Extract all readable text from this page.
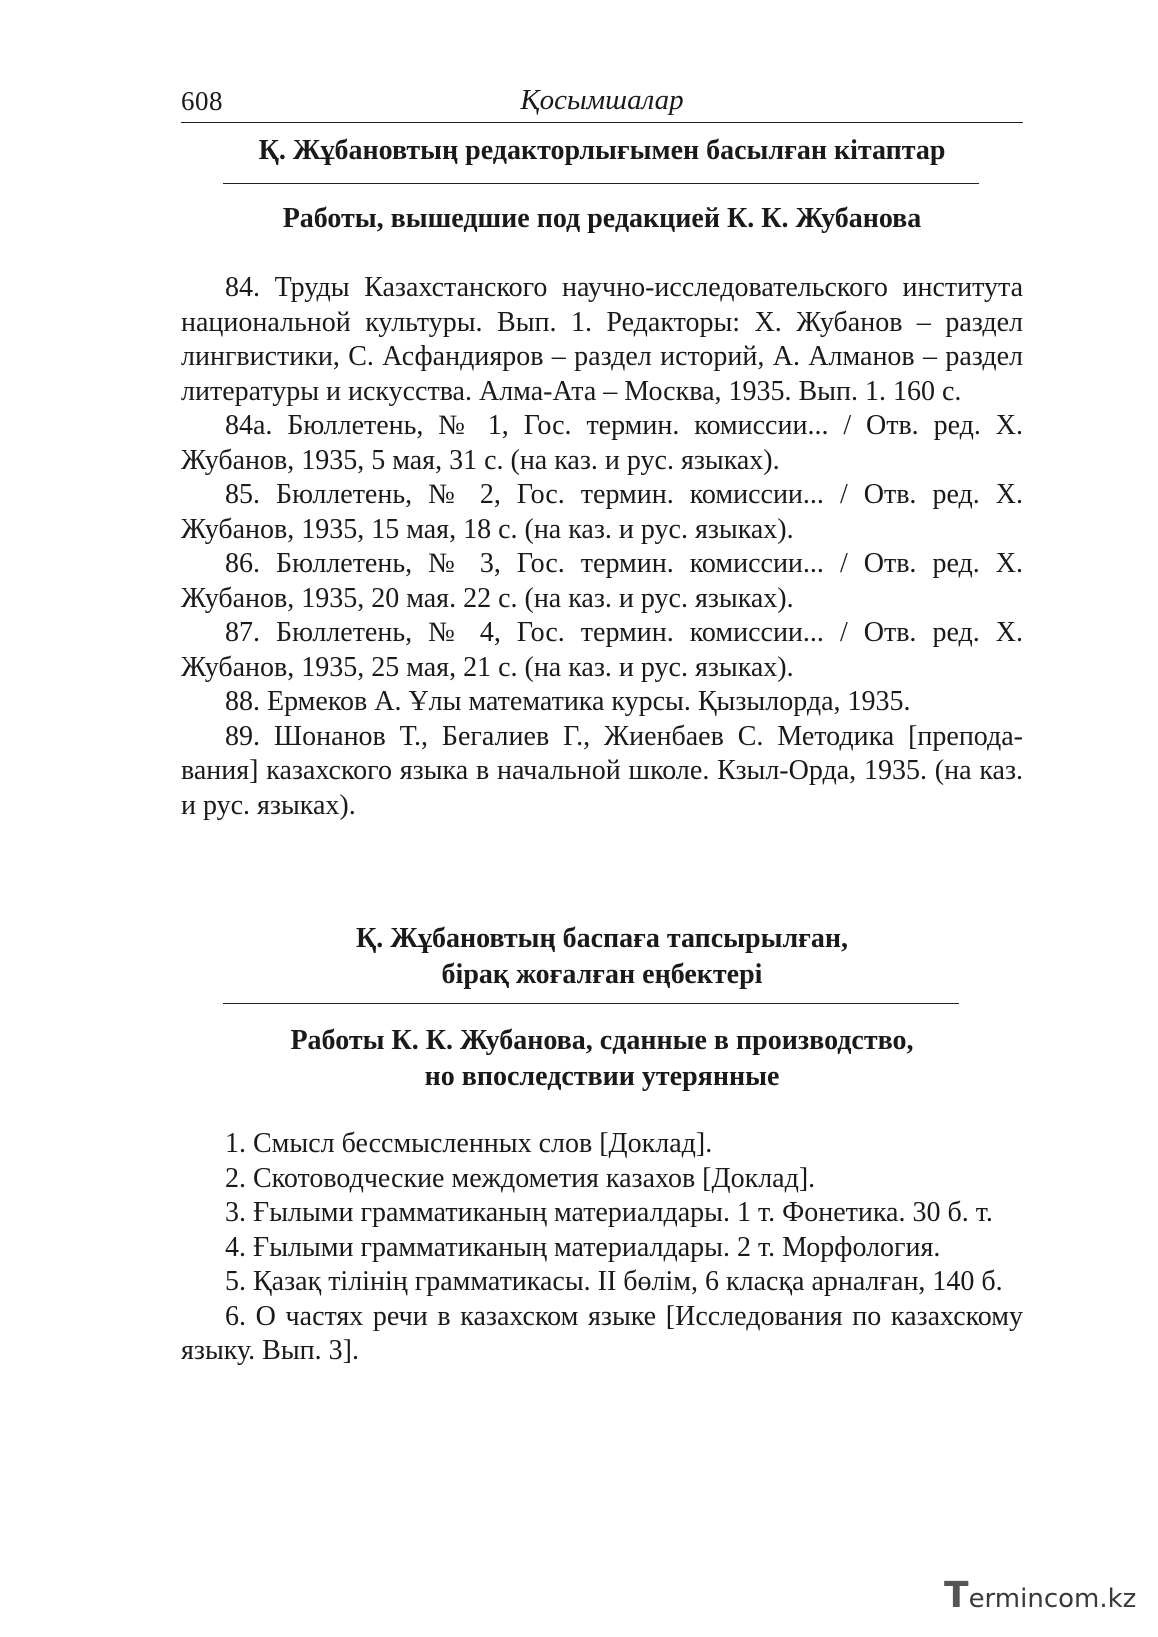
608	Қосымшалар
Қ. Жұбановтың редакторлығымен басылған кітаптар
Работы, вышедшие под редакцией К. К. Жубанова

84. Труды Казахстанского научно-исследовательского института национальной культуры. Вып. 1. Редакторы: Х. Жубанов – раздел лингвистики, С. Асфандияров – раздел историй, А. Алманов – раздел литературы и искусства. Алма-Ата – Москва, 1935. Вып. 1. 160 с.

84а. Бюллетень, № 1, Гос. термин. комиссии... / Отв. ред. Х. Жубанов, 1935, 5 мая, 31 с. (на каз. и рус. языках).

85. Бюллетень, № 2, Гос. термин. комиссии... / Отв. ред. Х. Жубанов, 1935, 15 мая, 18 с. (на каз. и рус. языках).

86. Бюллетень, № 3, Гос. термин. комиссии... / Отв. ред. Х. Жубанов, 1935, 20 мая. 22 с. (на каз. и рус. языках).

87. Бюллетень, № 4, Гос. термин. комиссии... / Отв. ред. Х. Жубанов, 1935, 25 мая, 21 с. (на каз. и рус. языках).

88. Ермеков А. Ұлы математика курсы. Қызылорда, 1935.

89. Шонанов Т., Бегалиев Г., Жиенбаев С. Методика [преподавания] казахского языка в начальной школе. Кзыл-Орда, 1935. (на каз. и рус. языках).

Қ. Жұбановтың баспаға тапсырылған,
бірақ жоғалған еңбектері
Работы К. К. Жубанова, сданные в производство,
но впоследствии утерянные

1. Смысл бессмысленных слов [Доклад].

2. Скотоводческие междометия казахов [Доклад].

3. Ғылыми грамматиканың материалдары. 1 т. Фонетика. 30 б. т.

4. Ғылыми грамматиканың материалдары. 2 т. Морфология.

5. Қазақ тілінің грамматикасы. ІІ бөлім, 6 класқа арналған, 140 б.

6. О частях речи в казахском языке [Исследования по казахскому языку. Вып. 3].

Termincom.kz
